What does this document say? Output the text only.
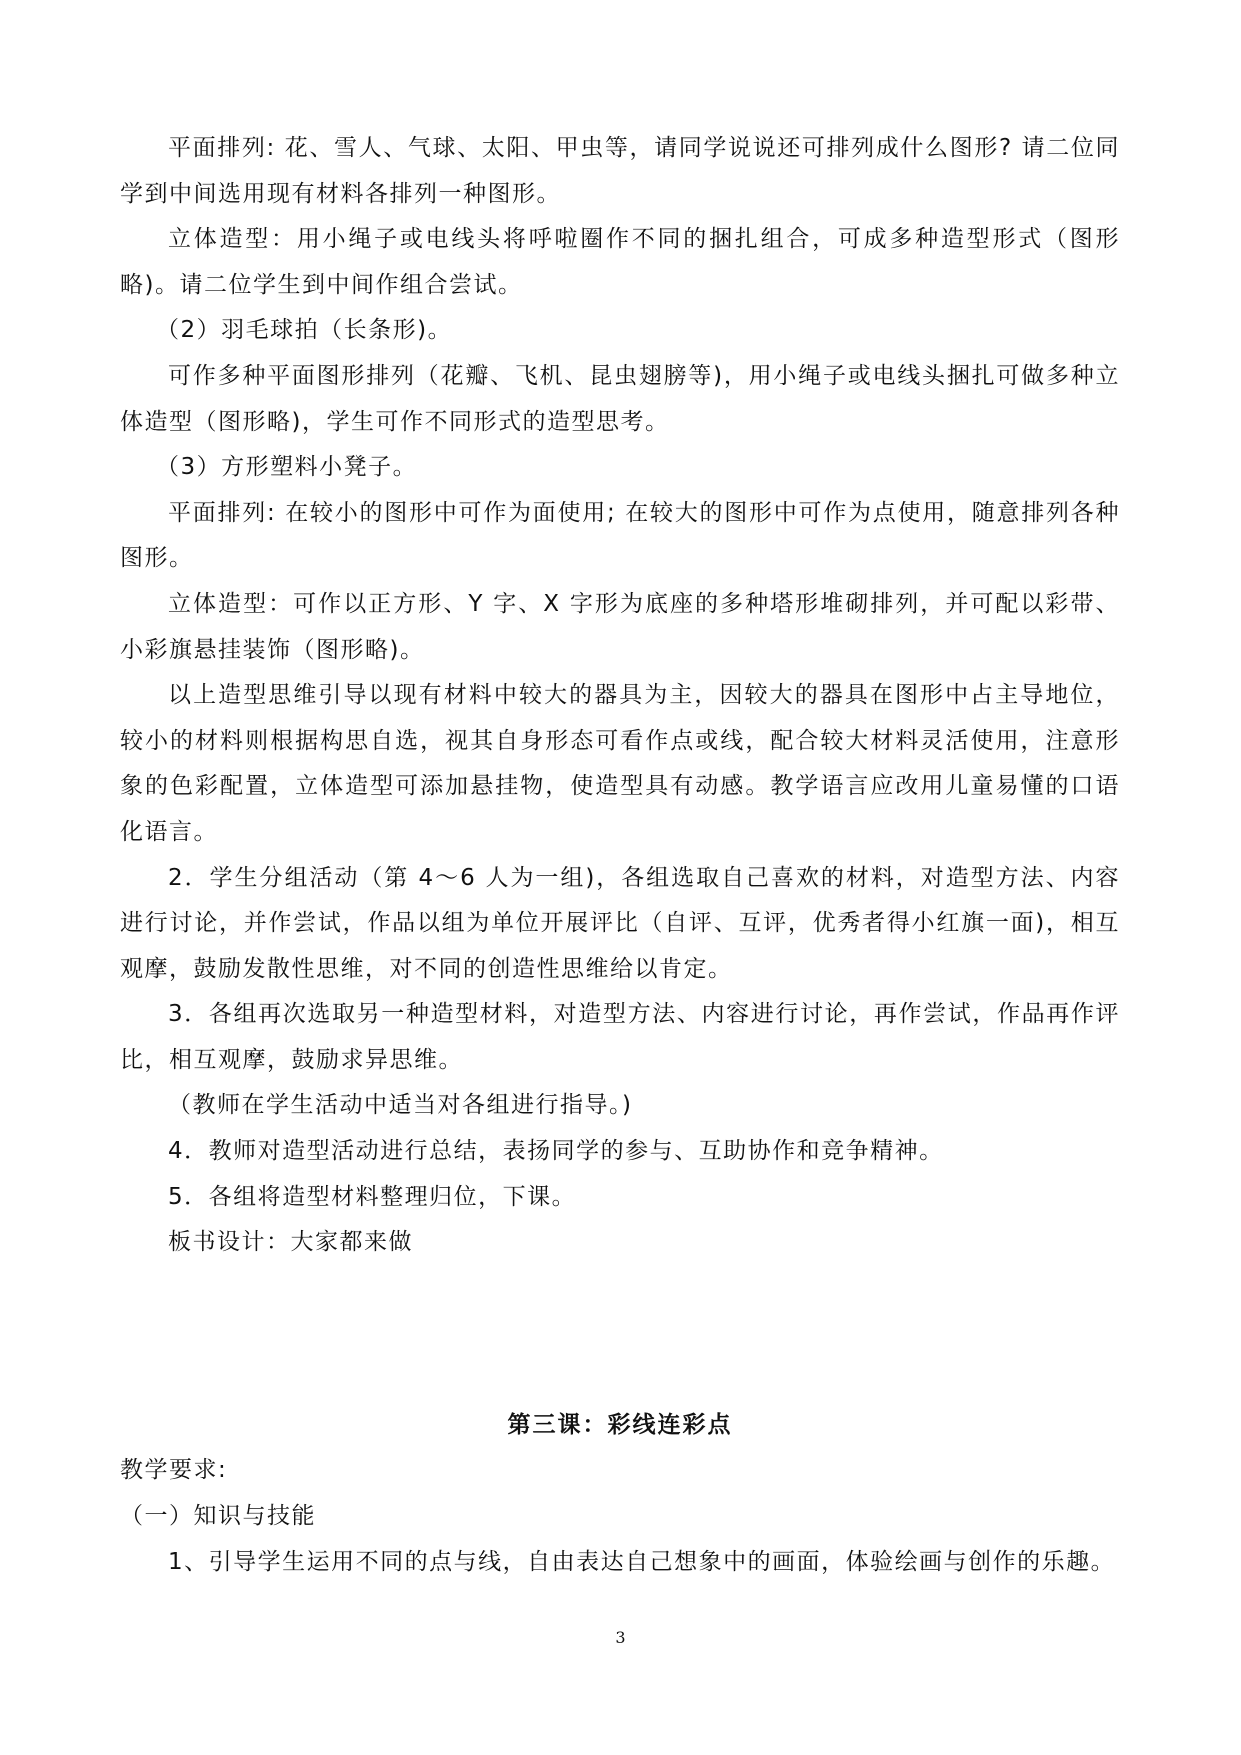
平面排列: 花、雪人、气球、太阳、甲虫等，请同学说说还可排列成什么图形? 请二位同学到中间选用现有材料各排列一种图形。

立体造型：用小绳子或电线头将呼啦圈作不同的捆扎组合，可成多种造型形式（图形略)。请二位学生到中间作组合尝试。

（2）羽毛球拍（长条形)。

可作多种平面图形排列（花瓣、飞机、昆虫翅膀等)，用小绳子或电线头捆扎可做多种立体造型（图形略)，学生可作不同形式的造型思考。

（3）方形塑料小凳子。

平面排列: 在较小的图形中可作为面使用; 在较大的图形中可作为点使用，随意排列各种图形。

立体造型：可作以正方形、Y 字、X 字形为底座的多种塔形堆砌排列，并可配以彩带、小彩旗悬挂装饰（图形略)。

以上造型思维引导以现有材料中较大的器具为主，因较大的器具在图形中占主导地位，较小的材料则根据构思自选，视其自身形态可看作点或线，配合较大材料灵活使用，注意形象的色彩配置，立体造型可添加悬挂物，使造型具有动感。教学语言应改用儿童易懂的口语化语言。

2．学生分组活动（第 4～6 人为一组)，各组选取自己喜欢的材料，对造型方法、内容进行讨论，并作尝试，作品以组为单位开展评比（自评、互评，优秀者得小红旗一面)，相互观摩，鼓励发散性思维，对不同的创造性思维给以肯定。

3．各组再次选取另一种造型材料，对造型方法、内容进行讨论，再作尝试，作品再作评比，相互观摩，鼓励求异思维。

（教师在学生活动中适当对各组进行指导。)

4．教师对造型活动进行总结，表扬同学的参与、互助协作和竞争精神。

5．各组将造型材料整理归位，下课。

板书设计：大家都来做

第三课：彩线连彩点

教学要求:

（一）知识与技能

1、引导学生运用不同的点与线，自由表达自己想象中的画面，体验绘画与创作的乐趣。

3
